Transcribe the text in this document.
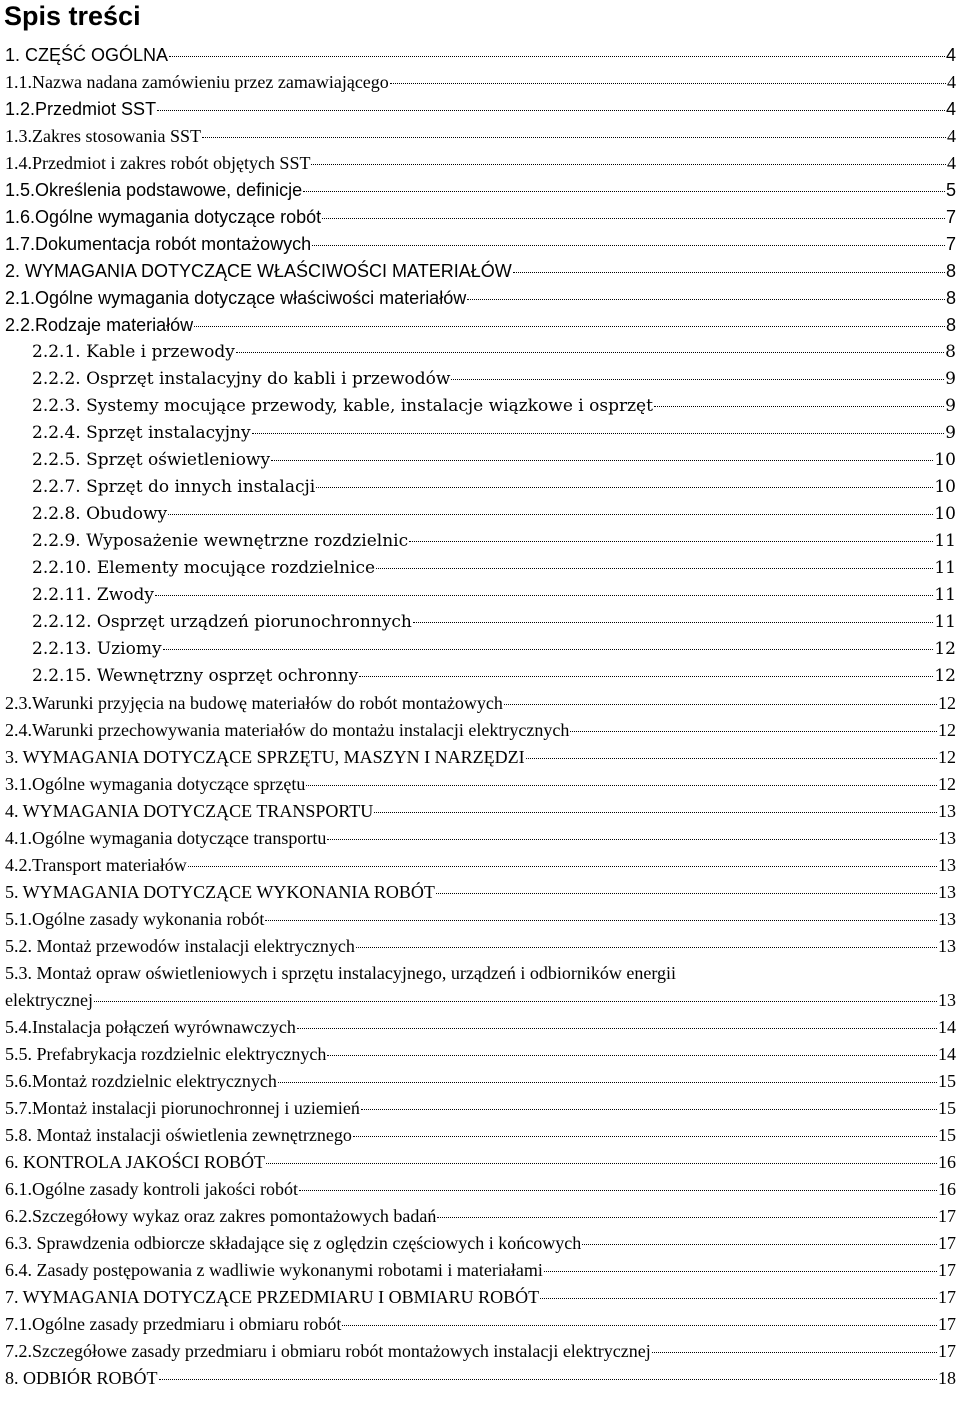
Spis treści
1. CZĘŚĆ OGÓLNA	4
1.1.Nazwa nadana zamówieniu przez zamawiającego	4
1.2.Przedmiot SST	4
1.3.Zakres stosowania SST	4
1.4.Przedmiot i zakres robót objętych SST	4
1.5.Określenia podstawowe, definicje	5
1.6.Ogólne wymagania dotyczące robót	7
1.7.Dokumentacja robót montażowych	7
2. WYMAGANIA DOTYCZĄCE WŁAŚCIWOŚCI MATERIAŁÓW	8
2.1.Ogólne wymagania dotyczące właściwości materiałów	8
2.2.Rodzaje materiałów	8
2.2.1. Kable i przewody	8
2.2.2. Osprzęt instalacyjny do kabli i przewodów	9
2.2.3. Systemy mocujące przewody, kable, instalacje wiązkowe i osprzęt	9
2.2.4. Sprzęt instalacyjny	9
2.2.5. Sprzęt oświetleniowy	10
2.2.7. Sprzęt do innych instalacji	10
2.2.8. Obudowy	10
2.2.9. Wyposażenie wewnętrzne rozdzielnic	11
2.2.10. Elementy mocujące rozdzielnice	11
2.2.11. Zwody	11
2.2.12. Osprzęt urządzeń piorunochronnych	11
2.2.13. Uziomy	12
2.2.15. Wewnętrzny osprzęt ochronny	12
2.3.Warunki przyjęcia na budowę materiałów do robót montażowych	12
2.4.Warunki przechowywania materiałów do montażu instalacji elektrycznych	12
3. WYMAGANIA DOTYCZĄCE SPRZĘTU, MASZYN I NARZĘDZI	12
3.1.Ogólne wymagania dotyczące sprzętu	12
4. WYMAGANIA DOTYCZĄCE TRANSPORTU	13
4.1.Ogólne wymagania dotyczące transportu	13
4.2.Transport materiałów	13
5. WYMAGANIA DOTYCZĄCE WYKONANIA ROBÓT	13
5.1.Ogólne zasady wykonania robót	13
5.2. Montaż przewodów instalacji elektrycznych	13
5.3. Montaż opraw oświetleniowych i sprzętu instalacyjnego, urządzeń i odbiorników energii
elektrycznej	13
5.4.Instalacja połączeń wyrównawczych	14
5.5. Prefabrykacja rozdzielnic elektrycznych	14
5.6.Montaż rozdzielnic elektrycznych	15
5.7.Montaż instalacji piorunochronnej i uziemień	15
5.8. Montaż instalacji oświetlenia zewnętrznego	15
6. KONTROLA JAKOŚCI ROBÓT	16
6.1.Ogólne zasady kontroli jakości robót	16
6.2.Szczegółowy wykaz oraz zakres pomontażowych badań	17
6.3. Sprawdzenia odbiorcze składające się z oględzin częściowych i końcowych	17
6.4. Zasady postępowania z wadliwie wykonanymi robotami i materiałami	17
7. WYMAGANIA DOTYCZĄCE PRZEDMIARU I OBMIARU ROBÓT	17
7.1.Ogólne zasady przedmiaru i obmiaru robót	17
7.2.Szczegółowe zasady przedmiaru i obmiaru robót montażowych instalacji elektrycznej	17
8. ODBIÓR ROBÓT	18
